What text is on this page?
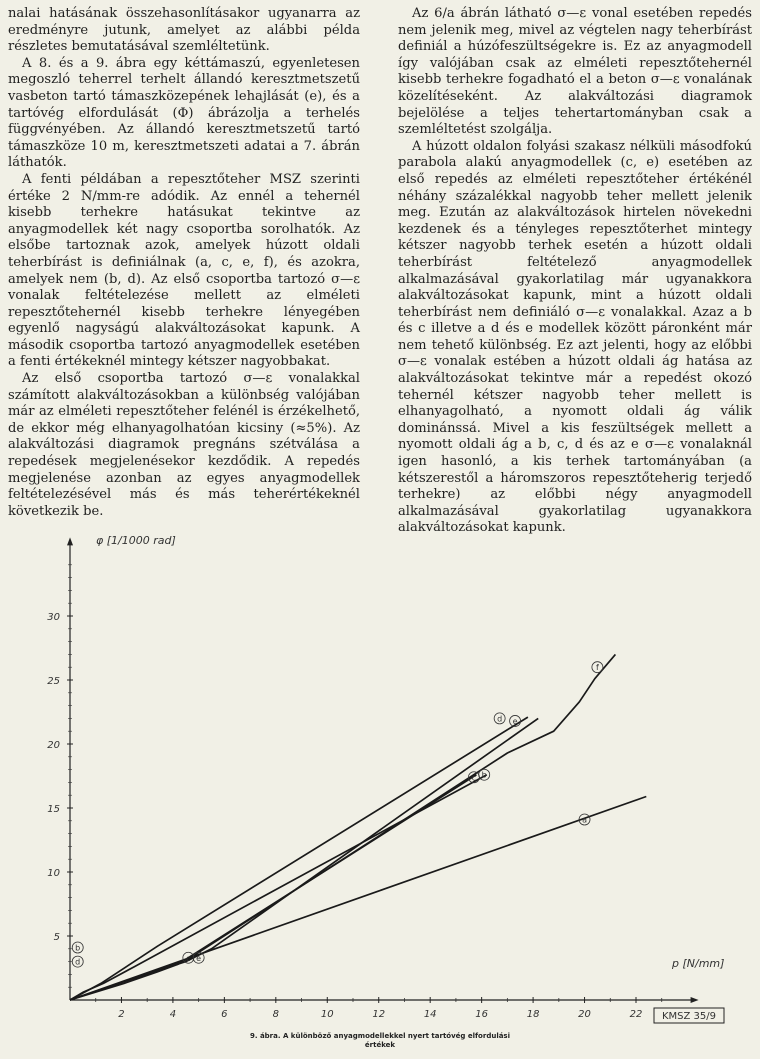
nalai hatásának összehasonlításakor ugyanarra az eredményre jutunk, amelyet az alábbi példa részletes bemutatásával szemléltetünk.

A 8. és a 9. ábra egy kéttámaszú, egyenletesen megoszló teherrel terhelt állandó keresztmetszetű vasbeton tartó támaszközepének lehajlását (e), és a tartóvég elfordulását (Φ) ábrázolja a terhelés függvényében. Az állandó keresztmetszetű tartó támaszköze 10 m, keresztmetszeti adatai a 7. ábrán láthatók.

A fenti példában a repesztőteher MSZ szerinti értéke 2 N/mm-re adódik. Az ennél a tehernél kisebb terhekre hatásukat tekintve az anyagmodellek két nagy csoportba sorolhatók. Az elsőbe tartoznak azok, amelyek húzott oldali teherbírást is definiálnak (a, c, e, f), és azokra, amelyek nem (b, d). Az első csoportba tartozó σ—ε vonalak feltételezése mellett az elméleti repesztőtehernél kisebb terhekre lényegében egyenlő nagyságú alakváltozásokat kapunk. A második csoportba tartozó anyagmodellek esetében a fenti értékeknél mintegy kétszer nagyobbakat.

Az első csoportba tartozó σ—ε vonalakkal számított alakváltozásokban a különbség valójában már az elméleti repesztőteher felénél is érzékelhető, de ekkor még elhanyagolhatóan kicsiny (≈5%). Az alakváltozási diagramok pregnáns szétválása a repedések megjelenésekor kezdődik. A repedés megjelenése azonban az egyes anyagmodellek feltételezésével más és más teherértékeknél következik be.

Az 6/a ábrán látható σ—ε vonal esetében repedés nem jelenik meg, mivel az végtelen nagy teherbírást definiál a húzófeszültségekre is. Ez az anyagmodell így valójában csak az elméleti repesztőtehernél kisebb terhekre fogadható el a beton σ—ε vonalának közelítéseként. Az alakváltozási diagramok bejelölése a teljes tehertartományban csak a szemléltetést szolgálja.

A húzott oldalon folyási szakasz nélküli másodfokú parabola alakú anyagmodellek (c, e) esetében az első repedés az elméleti repesztőteher értékénél néhány százalékkal nagyobb teher mellett jelenik meg. Ezután az alakváltozások hirtelen növekedni kezdenek és a tényleges repesztőterhet mintegy kétszer nagyobb terhek esetén a húzott oldali teherbírást feltételező anyagmodellek alkalmazásával gyakorlatilag már ugyanakkora alakváltozásokat kapunk, mint a húzott oldali teherbírást nem definiáló σ—ε vonalakkal. Azaz a b és c illetve a d és e modellek között páronként már nem tehető különbség. Ez azt jelenti, hogy az előbbi σ—ε vonalak estében a húzott oldali ág hatása az alakváltozásokat tekintve már a repedést okozó tehernél kétszer nagyobb teher mellett is elhanyagolható, a nyomott oldali ág válik dominánssá. Mivel a kis feszültségek mellett a nyomott oldali ág a b, c, d és az e σ—ε vonalaknál igen hasonló, a kis terhek tartományában (a kétszerestől a háromszoros repesztőteherig terjedő terhekre) az előbbi négy anyagmodell alkalmazásával gyakorlatilag ugyanakkora alakváltozásokat kapunk.

2	4	6	8	10	12	14	16	18	20	22
5
10
15
20
25
30
a
b
c
d	e
f
c
b
d e
φ [1/1000 rad]
p [N/mm]
KMSZ 35/9
9. ábra. A különböző anyagmodellekkel nyert tartóvég elfordulási
értékek
